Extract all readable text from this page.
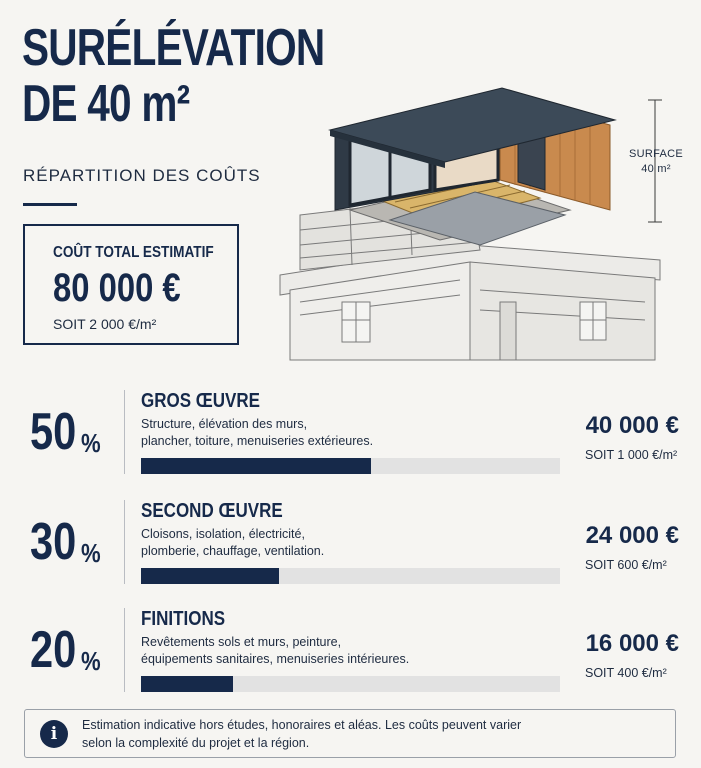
SURÉLÉVATION
DE 40 m²
RÉPARTITION DES COÛTS
COÛT TOTAL ESTIMATIF
80 000 €
SOIT 2 000 €/m²
SURFACE
40 m²
50 %
GROS ŒUVRE
Structure, élévation des murs,
plancher, toiture, menuiseries extérieures.
40 000 €
SOIT 1 000 €/m²
30 %
SECOND ŒUVRE
Cloisons, isolation, électricité,
plomberie, chauffage, ventilation.
24 000 €
SOIT 600 €/m²
20 %
FINITIONS
Revêtements sols et murs, peinture,
équipements sanitaires, menuiseries intérieures.
16 000 €
SOIT 400 €/m²
i	Estimation indicative hors études, honoraires et aléas. Les coûts peuvent varier
selon la complexité du projet et la région.
